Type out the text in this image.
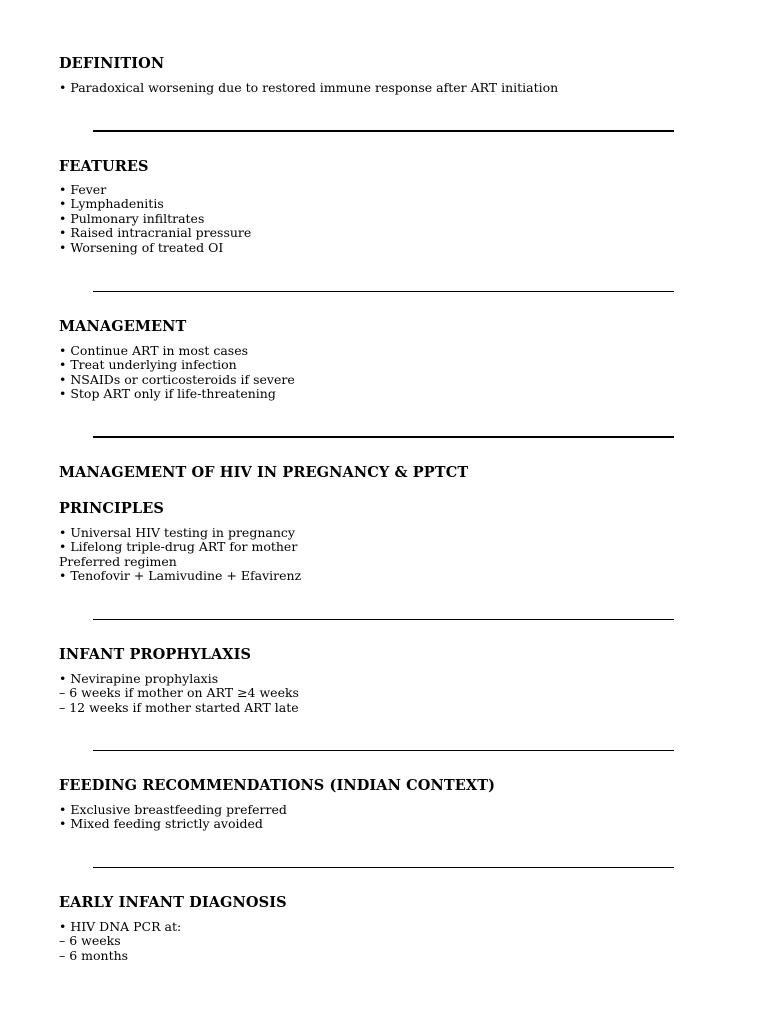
DEFINITION
• Paradoxical worsening due to restored immune response after ART initiation
FEATURES
• Fever
• Lymphadenitis
• Pulmonary infiltrates
• Raised intracranial pressure
• Worsening of treated OI
MANAGEMENT
• Continue ART in most cases
• Treat underlying infection
• NSAIDs or corticosteroids if severe
• Stop ART only if life-threatening
MANAGEMENT OF HIV IN PREGNANCY & PPTCT
PRINCIPLES
• Universal HIV testing in pregnancy
• Lifelong triple-drug ART for mother
Preferred regimen
• Tenofovir + Lamivudine + Efavirenz
INFANT PROPHYLAXIS
• Nevirapine prophylaxis
– 6 weeks if mother on ART ≥4 weeks
– 12 weeks if mother started ART late
FEEDING RECOMMENDATIONS (INDIAN CONTEXT)
• Exclusive breastfeeding preferred
• Mixed feeding strictly avoided
EARLY INFANT DIAGNOSIS
• HIV DNA PCR at:
– 6 weeks
– 6 months
